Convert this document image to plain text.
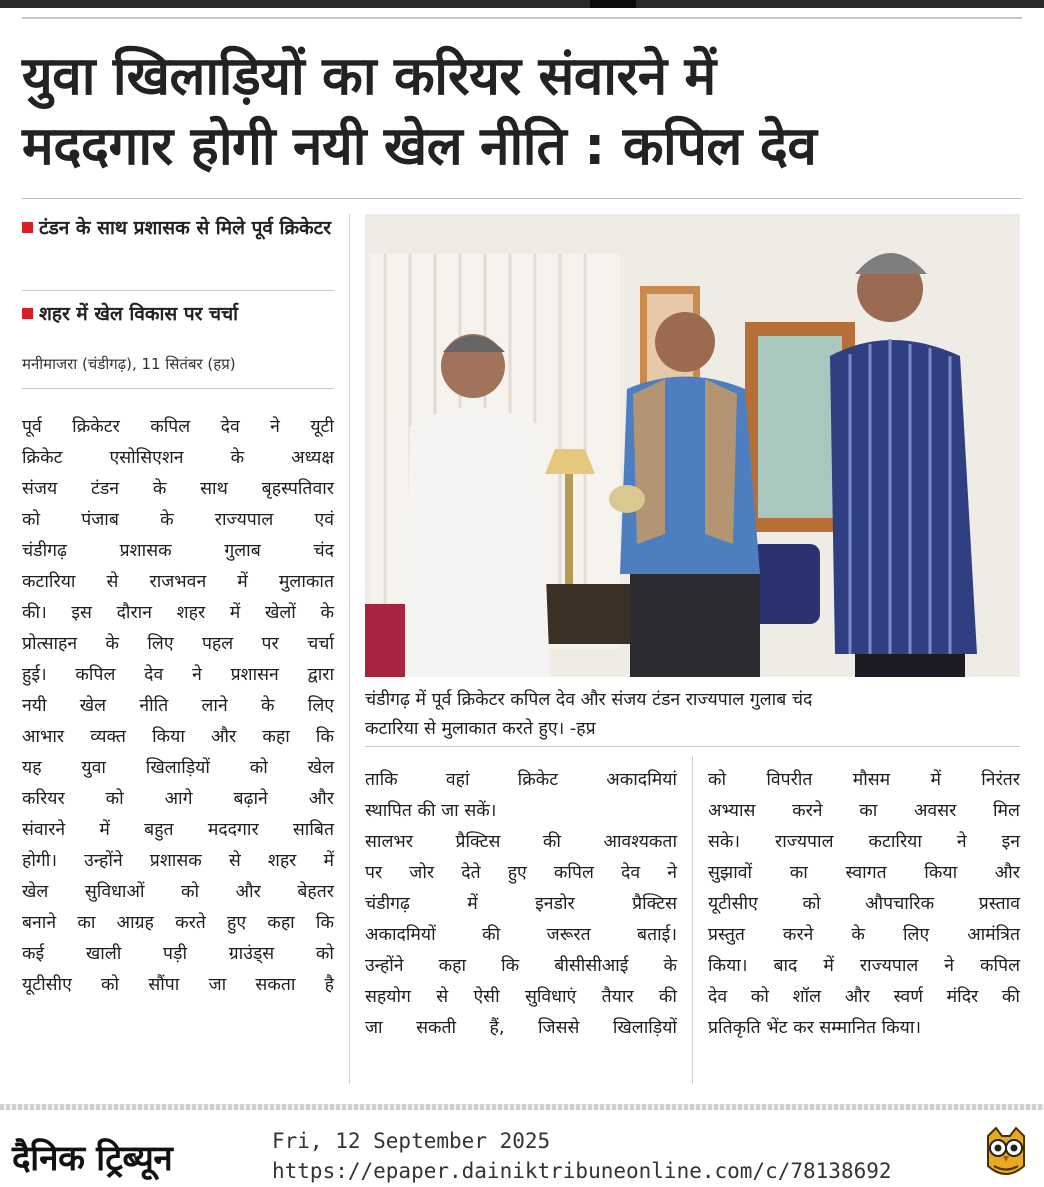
युवा खिलाड़ियों का करियर संवारने में
मददगार होगी नयी खेल नीति : कपिल देव

टंडन के साथ प्रशासक से मिले पूर्व क्रिकेटर

शहर में खेल विकास पर चर्चा

मनीमाजरा (चंडीगढ़), 11 सितंबर (हप्र)

पूर्व क्रिकेटर कपिल देव ने यूटी
क्रिकेट एसोसिएशन के अध्यक्ष
संजय टंडन के साथ बृहस्पतिवार
को पंजाब के राज्यपाल एवं
चंडीगढ़ प्रशासक गुलाब चंद
कटारिया से राजभवन में मुलाकात
की। इस दौरान शहर में खेलों के
प्रोत्साहन के लिए पहल पर चर्चा
हुई। कपिल देव ने प्रशासन द्वारा
नयी खेल नीति लाने के लिए
आभार व्यक्त किया और कहा कि
यह युवा खिलाड़ियों को खेल
करियर को आगे बढ़ाने और
संवारने में बहुत मददगार साबित
होगी। उन्होंने प्रशासक से शहर में
खेल सुविधाओं को और बेहतर
बनाने का आग्रह करते हुए कहा कि
कई खाली पड़ी ग्राउंड्स को
यूटीसीए को सौंपा जा सकता है

चंडीगढ़ में पूर्व क्रिकेटर कपिल देव और संजय टंडन राज्यपाल गुलाब चंद
कटारिया से मुलाकात करते हुए। -हप्र

ताकि वहां क्रिकेट अकादमियां
स्थापित की जा सकें।
सालभर प्रैक्टिस की आवश्यकता
पर जोर देते हुए कपिल देव ने
चंडीगढ़ में इनडोर प्रैक्टिस
अकादमियों की जरूरत बताई।
उन्होंने कहा कि बीसीसीआई के
सहयोग से ऐसी सुविधाएं तैयार की
जा सकती हैं, जिससे खिलाड़ियों
को विपरीत मौसम में निरंतर
अभ्यास करने का अवसर मिल
सके। राज्यपाल कटारिया ने इन
सुझावों का स्वागत किया और
यूटीसीए को औपचारिक प्रस्ताव
प्रस्तुत करने के लिए आमंत्रित
किया। बाद में राज्यपाल ने कपिल
देव को शॉल और स्वर्ण मंदिर की
प्रतिकृति भेंट कर सम्मानित किया।
दैनिक ट्रिब्यून	Fri, 12 September 2025
https://epaper.dainiktribuneonline.com/c/78138692
